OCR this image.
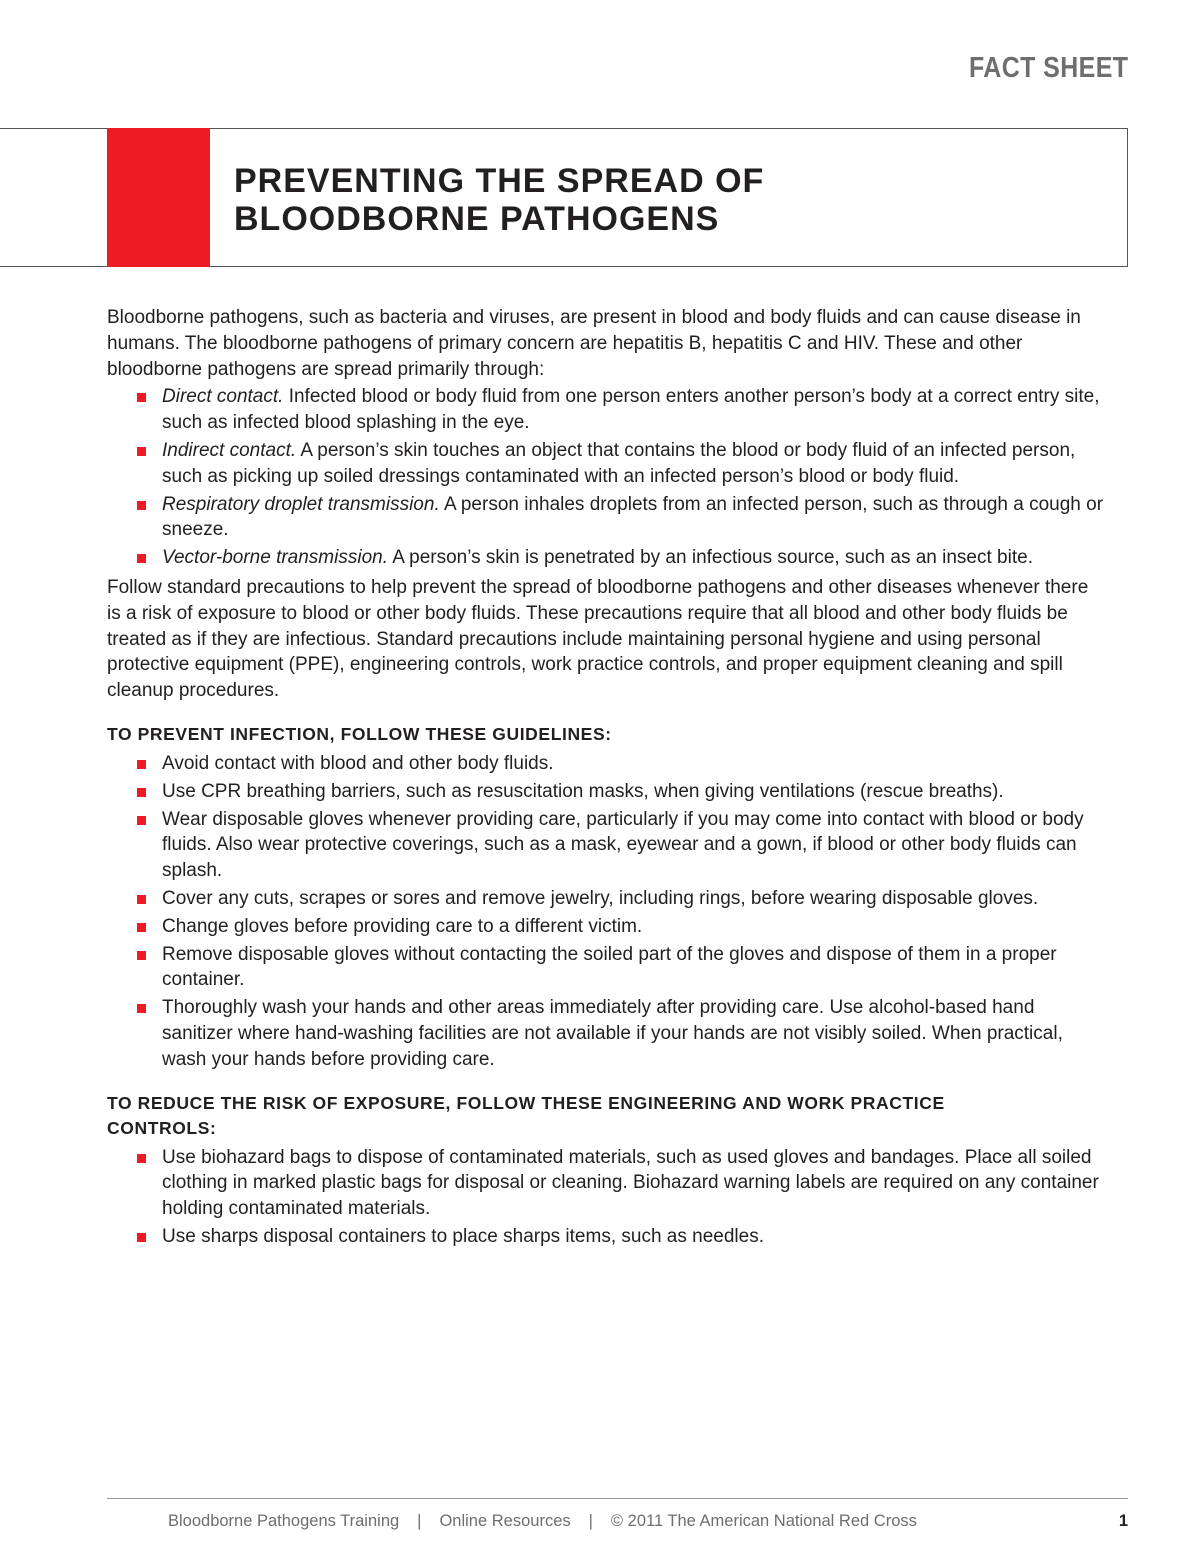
FACT SHEET
PREVENTING THE SPREAD OF
BLOODBORNE PATHOGENS

Bloodborne pathogens, such as bacteria and viruses, are present in blood and body fluids and can cause disease in humans. The bloodborne pathogens of primary concern are hepatitis B, hepatitis C and HIV. These and other bloodborne pathogens are spread primarily through:

Direct contact. Infected blood or body fluid from one person enters another person’s body at a correct entry site, such as infected blood splashing in the eye.
Indirect contact. A person’s skin touches an object that contains the blood or body fluid of an infected person, such as picking up soiled dressings contaminated with an infected person’s blood or body fluid.
Respiratory droplet transmission. A person inhales droplets from an infected person, such as through a cough or sneeze.
Vector-borne transmission. A person’s skin is penetrated by an infectious source, such as an insect bite.

Follow standard precautions to help prevent the spread of bloodborne pathogens and other diseases whenever there is a risk of exposure to blood or other body fluids. These precautions require that all blood and other body fluids be treated as if they are infectious. Standard precautions include maintaining personal hygiene and using personal protective equipment (PPE), engineering controls, work practice controls, and proper equipment cleaning and spill cleanup procedures.

TO PREVENT INFECTION, FOLLOW THESE GUIDELINES:
Avoid contact with blood and other body fluids.
Use CPR breathing barriers, such as resuscitation masks, when giving ventilations (rescue breaths).
Wear disposable gloves whenever providing care, particularly if you may come into contact with blood or body fluids. Also wear protective coverings, such as a mask, eyewear and a gown, if blood or other body fluids can splash.
Cover any cuts, scrapes or sores and remove jewelry, including rings, before wearing disposable gloves.
Change gloves before providing care to a different victim.
Remove disposable gloves without contacting the soiled part of the gloves and dispose of them in a proper container.
Thoroughly wash your hands and other areas immediately after providing care. Use alcohol-based hand sanitizer where hand-washing facilities are not available if your hands are not visibly soiled. When practical, wash your hands before providing care.
TO REDUCE THE RISK OF EXPOSURE, FOLLOW THESE ENGINEERING AND WORK PRACTICE CONTROLS:
Use biohazard bags to dispose of contaminated materials, such as used gloves and bandages. Place all soiled clothing in marked plastic bags for disposal or cleaning. Biohazard warning labels are required on any container holding contaminated materials.
Use sharps disposal containers to place sharps items, such as needles.
Bloodborne Pathogens Training | Online Resources | © 2011 The American National Red Cross	1
